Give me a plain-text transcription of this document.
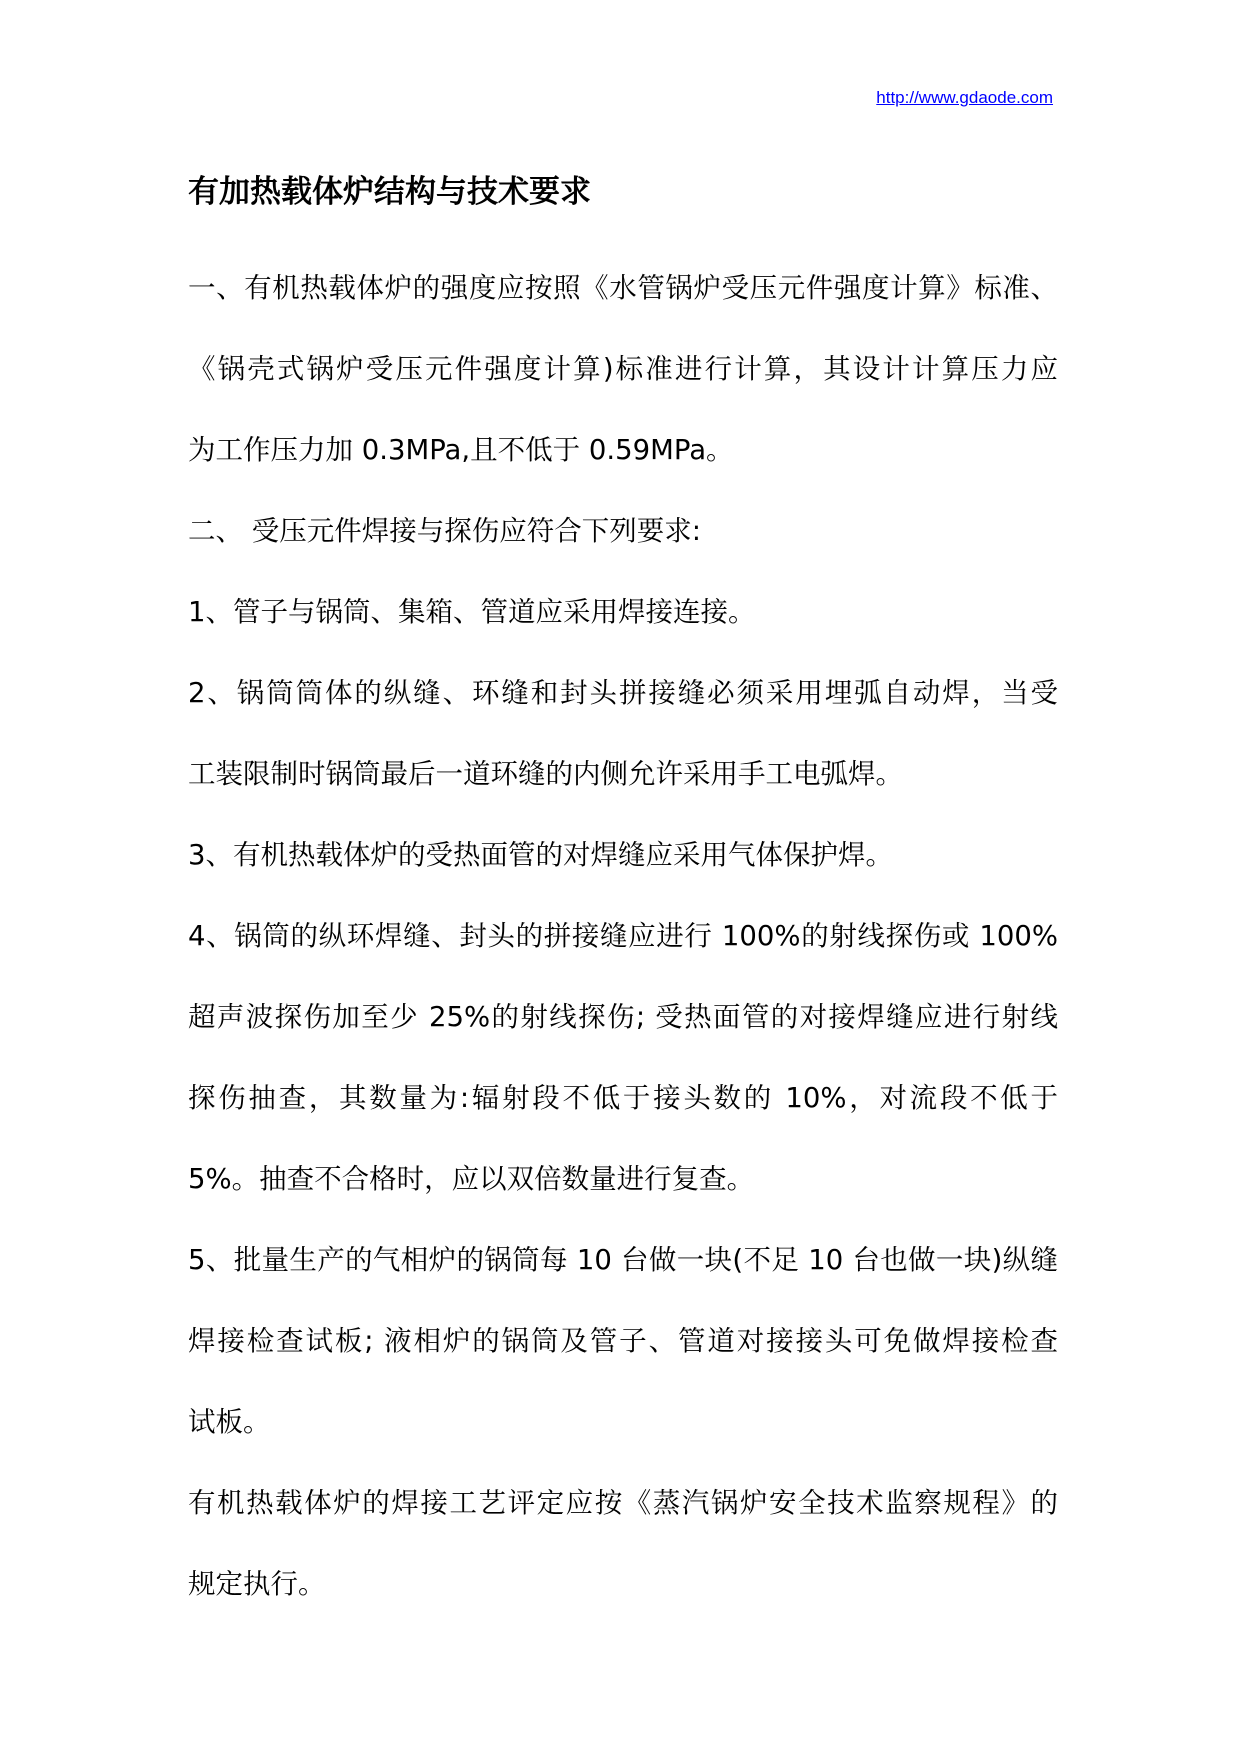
http://www.gdaode.com
有加热载体炉结构与技术要求
一、有机热载体炉的强度应按照《水管锅炉受压元件强度计算》标准、
《锅壳式锅炉受压元件强度计算)标准进行计算，其设计计算压力应
为工作压力加 0.3MPa,且不低于 0.59MPa。
二、 受压元件焊接与探伤应符合下列要求:
1、管子与锅筒、集箱、管道应采用焊接连接。
2、锅筒筒体的纵缝、环缝和封头拼接缝必须采用埋弧自动焊，当受
工装限制时锅筒最后一道环缝的内侧允许采用手工电弧焊。
3、有机热载体炉的受热面管的对焊缝应采用气体保护焊。
4、锅筒的纵环焊缝、封头的拼接缝应进行 100%的射线探伤或 100%
超声波探伤加至少 25%的射线探伤; 受热面管的对接焊缝应进行射线
探伤抽查，其数量为:辐射段不低于接头数的 10%，对流段不低于
5%。抽查不合格时，应以双倍数量进行复查。
5、批量生产的气相炉的锅筒每 10 台做一块(不足 10 台也做一块)纵缝
焊接检查试板; 液相炉的锅筒及管子、管道对接接头可免做焊接检查
试板。
有机热载体炉的焊接工艺评定应按《蒸汽锅炉安全技术监察规程》的
规定执行。
